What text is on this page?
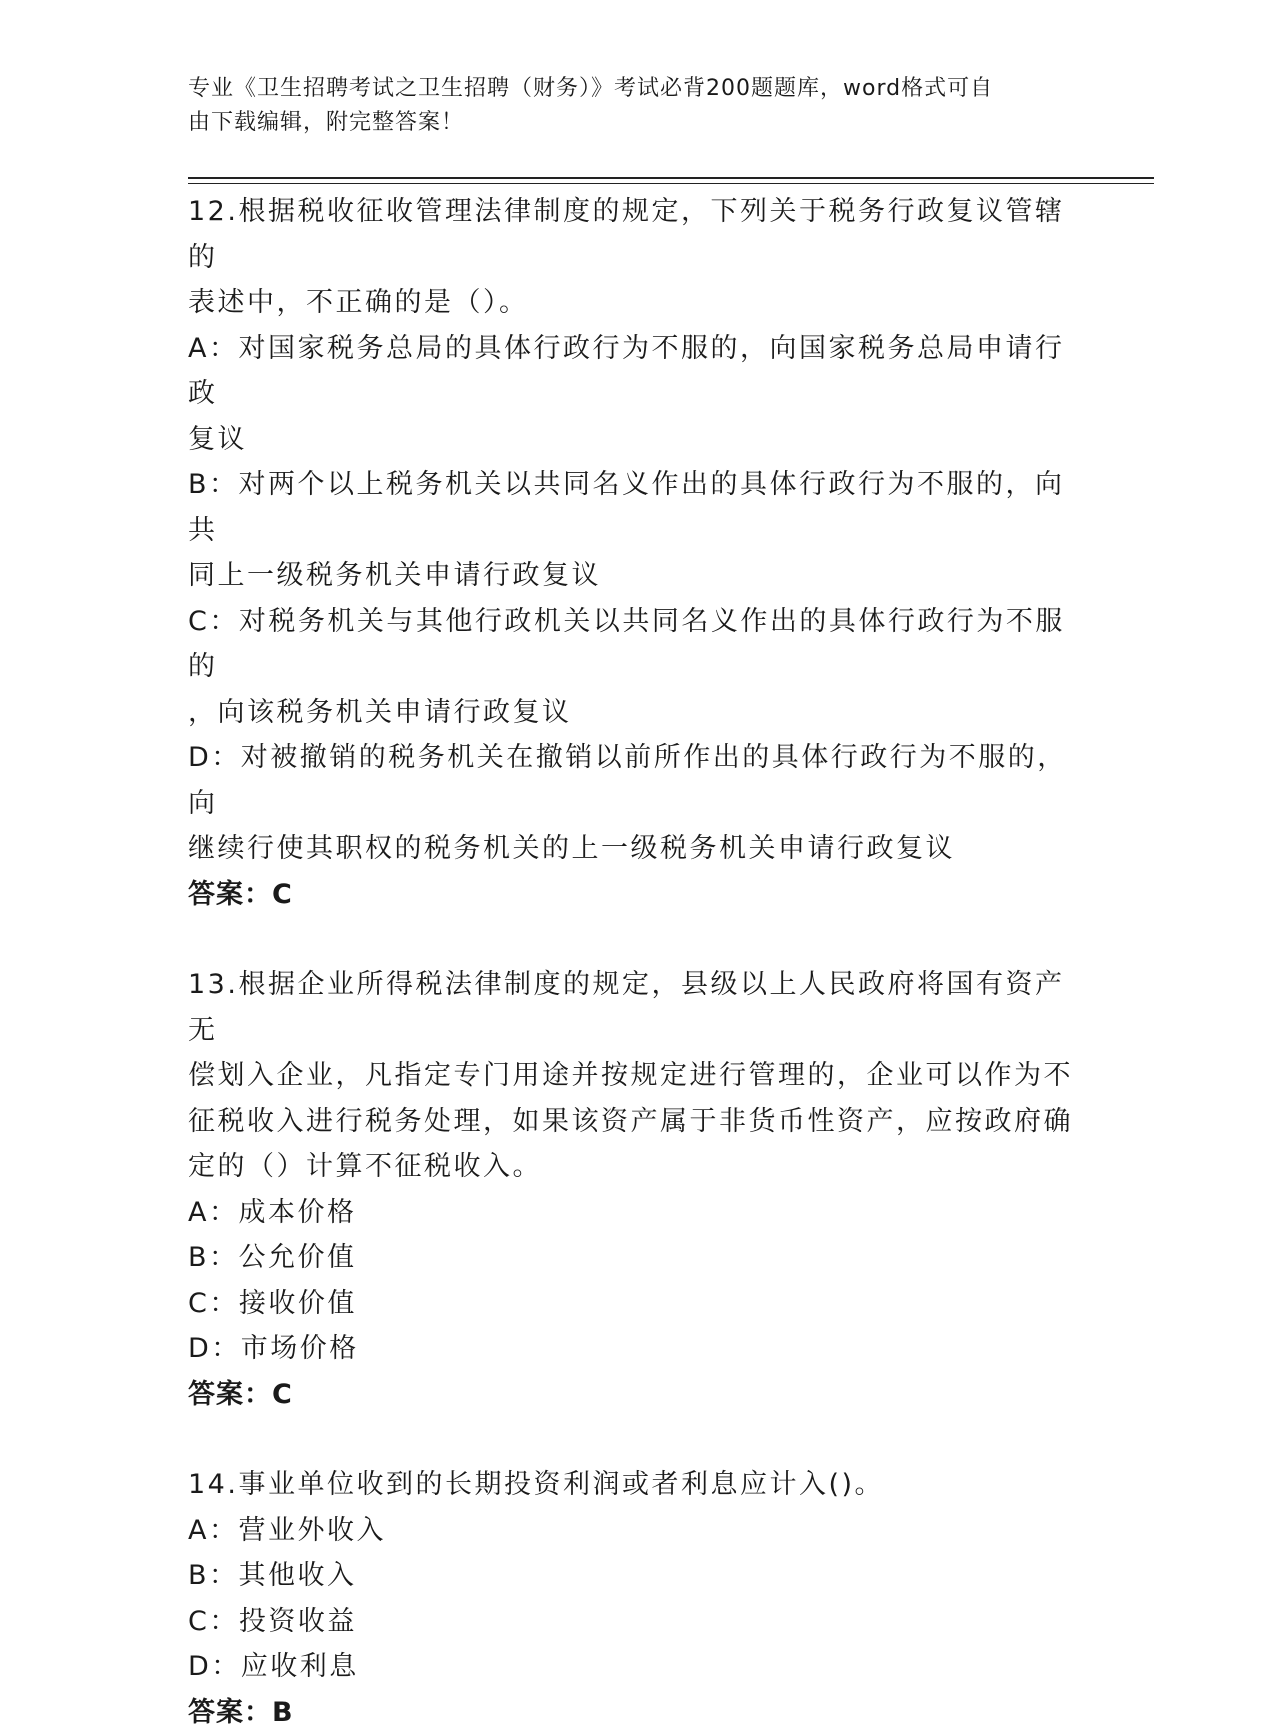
专业《卫生招聘考试之卫生招聘（财务）》考试必背200题题库，word格式可自
由下载编辑，附完整答案！
12.根据税收征收管理法律制度的规定，下列关于税务行政复议管辖的
表述中，不正确的是（）。
A：对国家税务总局的具体行政行为不服的，向国家税务总局申请行政
复议
B：对两个以上税务机关以共同名义作出的具体行政行为不服的，向共
同上一级税务机关申请行政复议
C：对税务机关与其他行政机关以共同名义作出的具体行政行为不服的
，向该税务机关申请行政复议
D：对被撤销的税务机关在撤销以前所作出的具体行政行为不服的，向
继续行使其职权的税务机关的上一级税务机关申请行政复议
答案：C
13.根据企业所得税法律制度的规定，县级以上人民政府将国有资产无
偿划入企业，凡指定专门用途并按规定进行管理的，企业可以作为不
征税收入进行税务处理，如果该资产属于非货币性资产，应按政府确
定的（）计算不征税收入。
A：成本价格
B：公允价值
C：接收价值
D：市场价格
答案：C
14.事业单位收到的长期投资利润或者利息应计入()。
A：营业外收入
B：其他收入
C：投资收益
D：应收利息
答案：B
